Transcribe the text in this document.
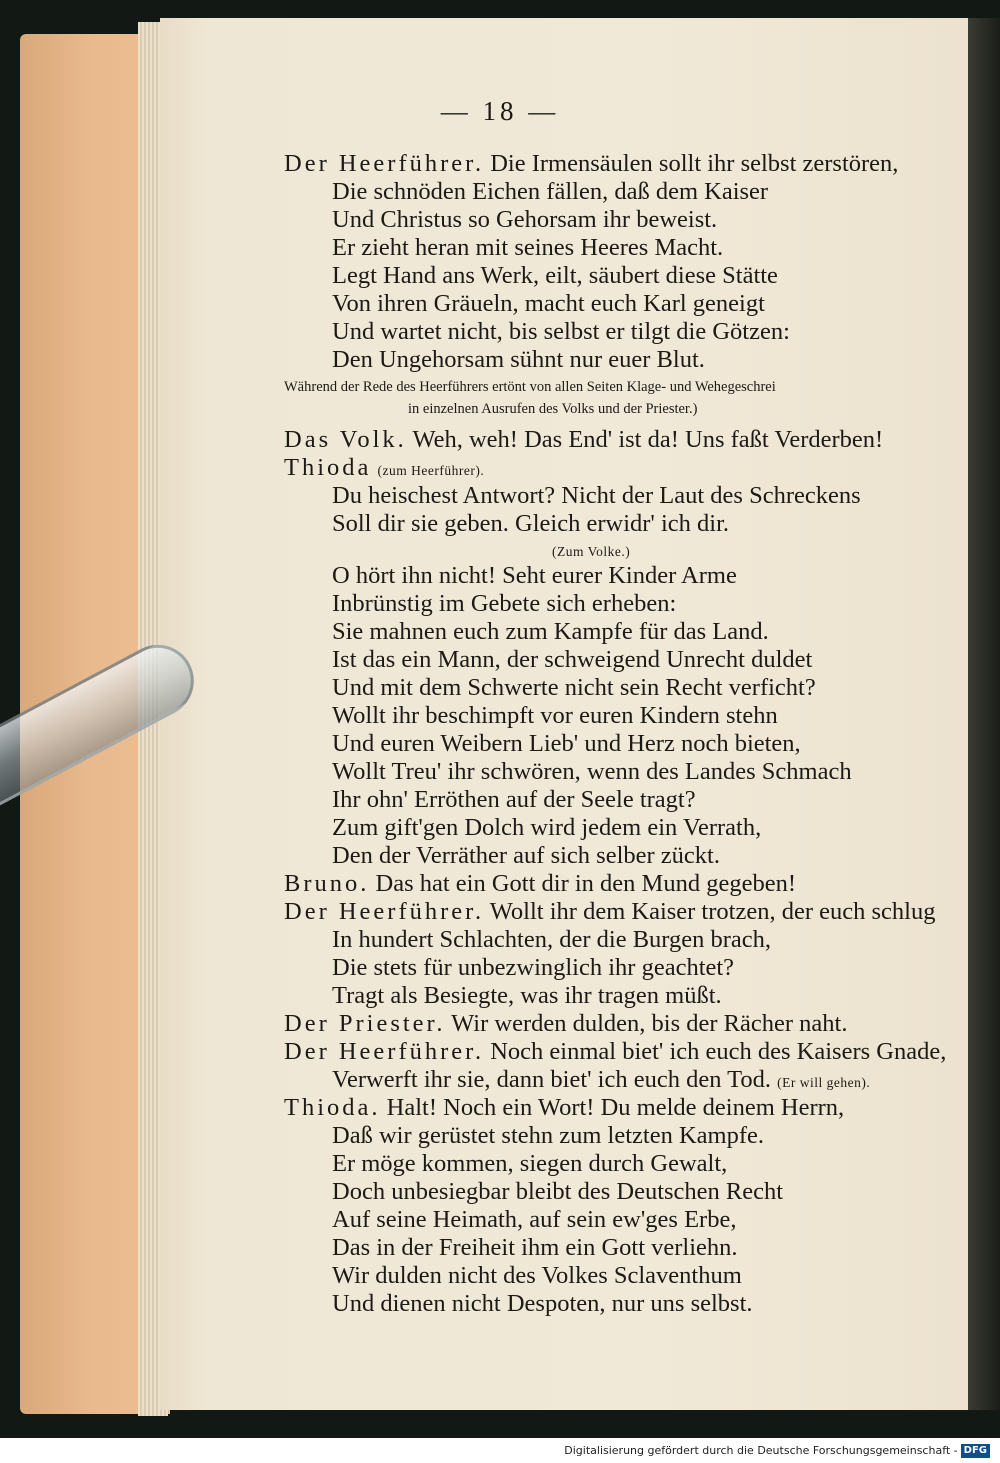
— 18 —
Der Heerführer. Die Irmensäulen sollt ihr selbst zerstören,
Die schnöden Eichen fällen, daß dem Kaiser
Und Christus so Gehorsam ihr beweist.
Er zieht heran mit seines Heeres Macht.
Legt Hand ans Werk, eilt, säubert diese Stätte
Von ihren Gräueln, macht euch Karl geneigt
Und wartet nicht, bis selbst er tilgt die Götzen:
Den Ungehorsam sühnt nur euer Blut.
Während der Rede des Heerführers ertönt von allen Seiten Klage- und Wehegeschrei
in einzelnen Ausrufen des Volks und der Priester.)
Das Volk. Weh, weh! Das End' ist da! Uns faßt Verderben!
Thioda (zum Heerführer).
Du heischest Antwort? Nicht der Laut des Schreckens
Soll dir sie geben. Gleich erwidr' ich dir.
(Zum Volke.)
O hört ihn nicht! Seht eurer Kinder Arme
Inbrünstig im Gebete sich erheben:
Sie mahnen euch zum Kampfe für das Land.
Ist das ein Mann, der schweigend Unrecht duldet
Und mit dem Schwerte nicht sein Recht verficht?
Wollt ihr beschimpft vor euren Kindern stehn
Und euren Weibern Lieb' und Herz noch bieten,
Wollt Treu' ihr schwören, wenn des Landes Schmach
Ihr ohn' Erröthen auf der Seele tragt?
Zum gift'gen Dolch wird jedem ein Verrath,
Den der Verräther auf sich selber zückt.
Bruno. Das hat ein Gott dir in den Mund gegeben!
Der Heerführer. Wollt ihr dem Kaiser trotzen, der euch schlug
In hundert Schlachten, der die Burgen brach,
Die stets für unbezwinglich ihr geachtet?
Tragt als Besiegte, was ihr tragen müßt.
Der Priester. Wir werden dulden, bis der Rächer naht.
Der Heerführer. Noch einmal biet' ich euch des Kaisers Gnade,
Verwerft ihr sie, dann biet' ich euch den Tod. (Er will gehen).
Thioda. Halt! Noch ein Wort! Du melde deinem Herrn,
Daß wir gerüstet stehn zum letzten Kampfe.
Er möge kommen, siegen durch Gewalt,
Doch unbesiegbar bleibt des Deutschen Recht
Auf seine Heimath, auf sein ew'ges Erbe,
Das in der Freiheit ihm ein Gott verliehn.
Wir dulden nicht des Volkes Sclaventhum
Und dienen nicht Despoten, nur uns selbst.
Digitalisierung gefördert durch die Deutsche Forschungsgemeinschaft - DFG
